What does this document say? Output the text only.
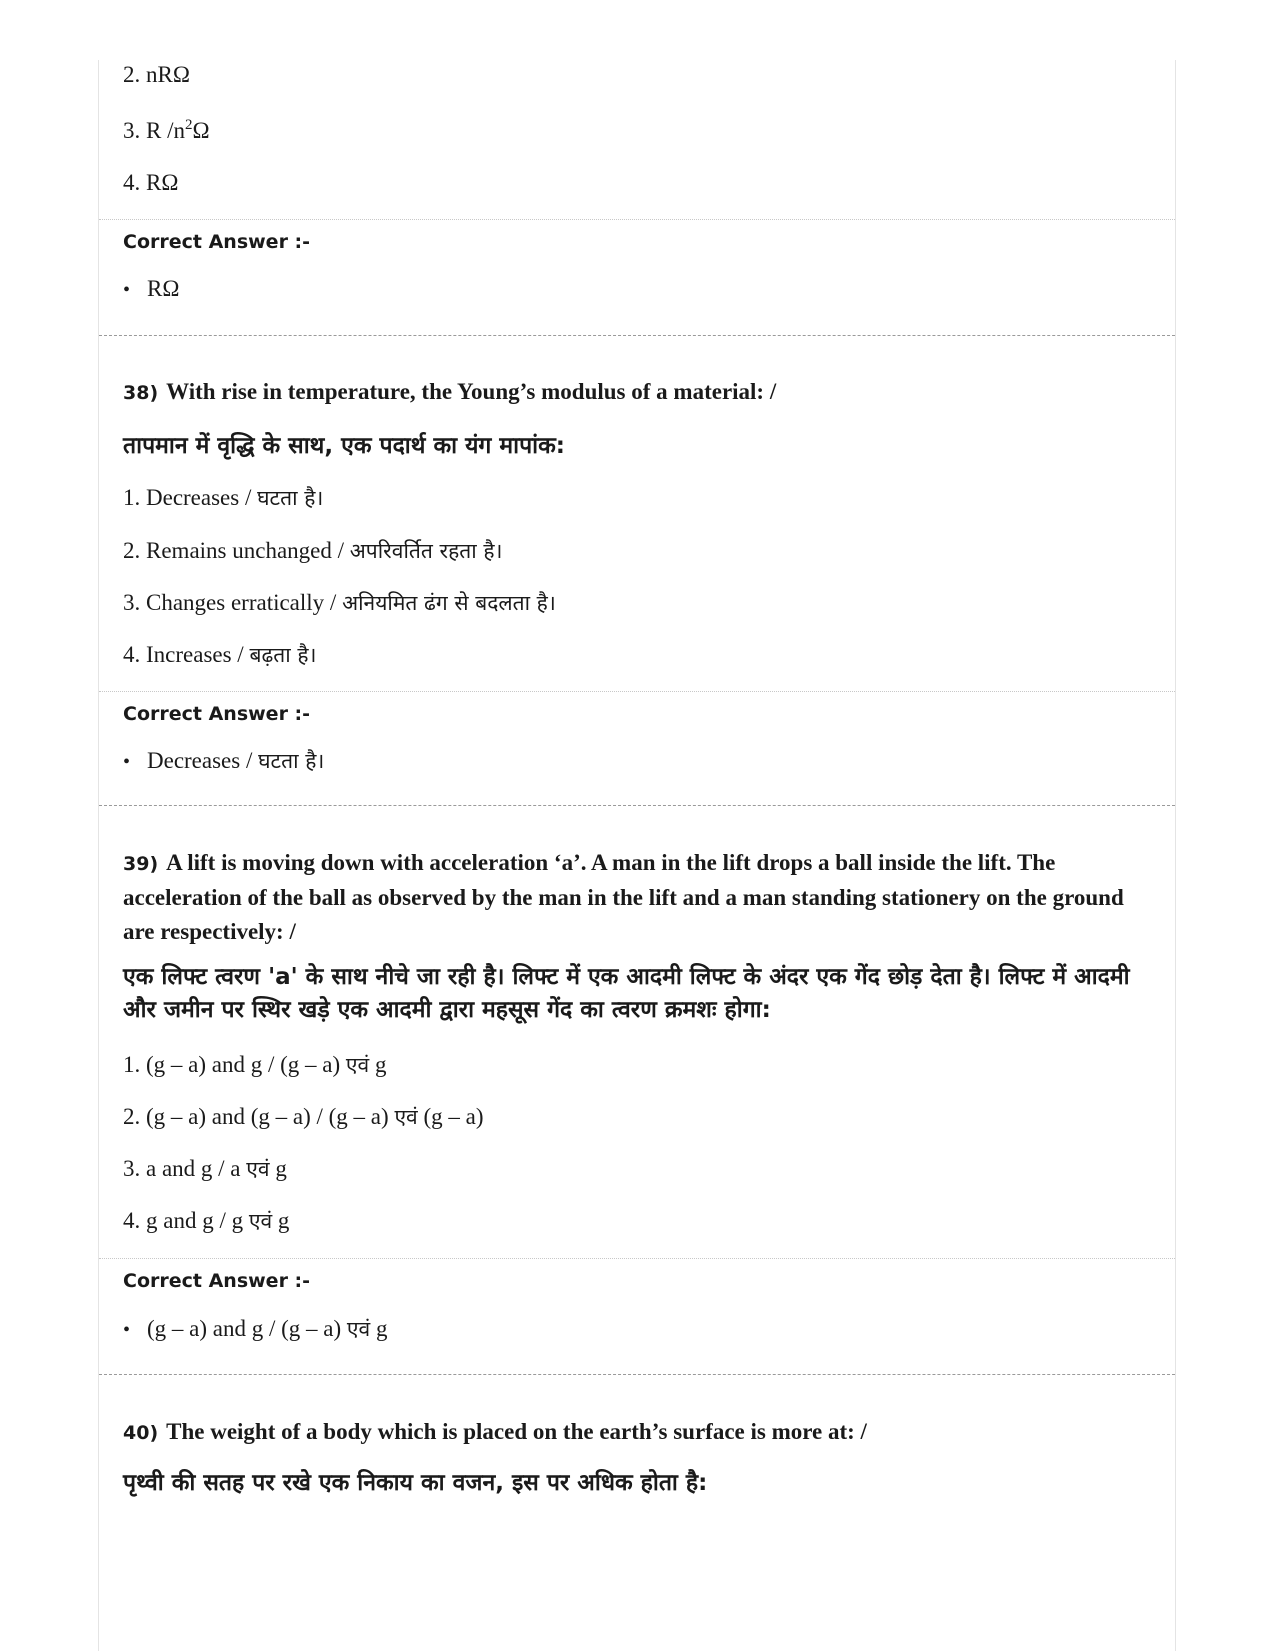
2. nRΩ
3. R $/n^2\Omega$
4. RΩ
Correct Answer :-
• RΩ
38) With rise in temperature, the Young’s modulus of a material: /
तापमान में वृद्धि के साथ, एक पदार्थ का यंग मापांक:
1. Decreases / घटता है।
2. Remains unchanged / अपरिवर्तित रहता है।
3. Changes erratically / अनियमित ढंग से बदलता है।
4. Increases / बढ़ता है।
Correct Answer :-
• Decreases / घटता है।
39) A lift is moving down with acceleration ‘a’. A man in the lift drops a ball inside the lift. The acceleration of the ball as observed by the man in the lift and a man standing stationery on the ground are respectively: /
एक लिफ्ट त्वरण 'a' के साथ नीचे जा रही है। लिफ्ट में एक आदमी लिफ्ट के अंदर एक गेंद छोड़ देता है। लिफ्ट में आदमी और जमीन पर स्थिर खड़े एक आदमी द्वारा महसूस गेंद का त्वरण क्रमशः होगा:
1. (g – a) and g / (g – a) एवं g
2. (g – a) and (g – a) / (g – a) एवं (g – a)
3. a and g / a एवं g
4. g and g / g एवं g
Correct Answer :-
• (g – a) and g / (g – a) एवं g
40) The weight of a body which is placed on the earth’s surface is more at: /
पृथ्वी की सतह पर रखे एक निकाय का वजन, इस पर अधिक होता है:
